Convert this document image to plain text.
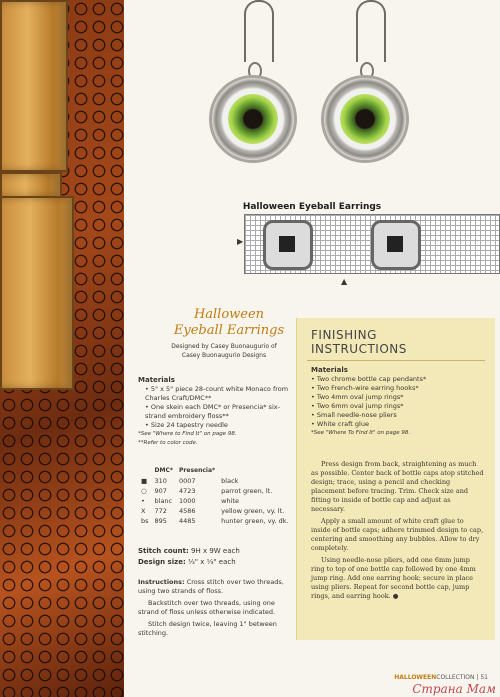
Halloween Eyeball Earrings
▶
▲
Halloween
Eyeball Earrings
Designed by Casey Buonaugurio of
Casey Buonaugurio Designs
Materials
• 5" x 5" piece 28-count white Monaco from Charles Craft/DMC**
• One skein each DMC* or Presencia* six-strand embroidery floss**
• Size 24 tapestry needle
*See "Where to Find It" on page 98.
**Refer to color code.
	DMC*	Presencia*	
■	310	0007	black
○	907	4723	parrot green, lt.
•	blanc	1000	white
X	772	4586	yellow green, vy. lt.
bs	895	4485	hunter green, vy. dk.
Stitch count: 9H x 9W each
Design size: ⅓" x ⅓" each

Instructions: Cross stitch over two threads, using two strands of floss.

Backstitch over two threads, using one strand of floss unless otherwise indicated.

Stitch design twice, leaving 1" between stitching.

FINISHING
INSTRUCTIONS
Materials
• Two chrome bottle cap pendants*
• Two French-wire earring hooks*
• Two 4mm oval jump rings*
• Two 6mm oval jump rings*
• Small needle-nose pliers
• White craft glue
*See "Where To Find It" on page 98.

Press design from back, straightening as much as possible. Center back of bottle caps atop stitched design; trace, using a pencil and checking placement before tracing. Trim. Check size and fitting to inside of bottle cap and adjust as necessary.

Apply a small amount of white craft glue to inside of bottle caps; adhere trimmed design to cap, centering and smoothing any bubbles. Allow to dry completely.

Using needle-nose pliers, add one 6mm jump ring to top of one bottle cap followed by one 4mm jump ring. Add one earring hook; secure in place using pliers. Repeat for second bottle cap, jump rings, and earring hook. ●

HALLOWEENCOLLECTION | 51
Страна Мам
